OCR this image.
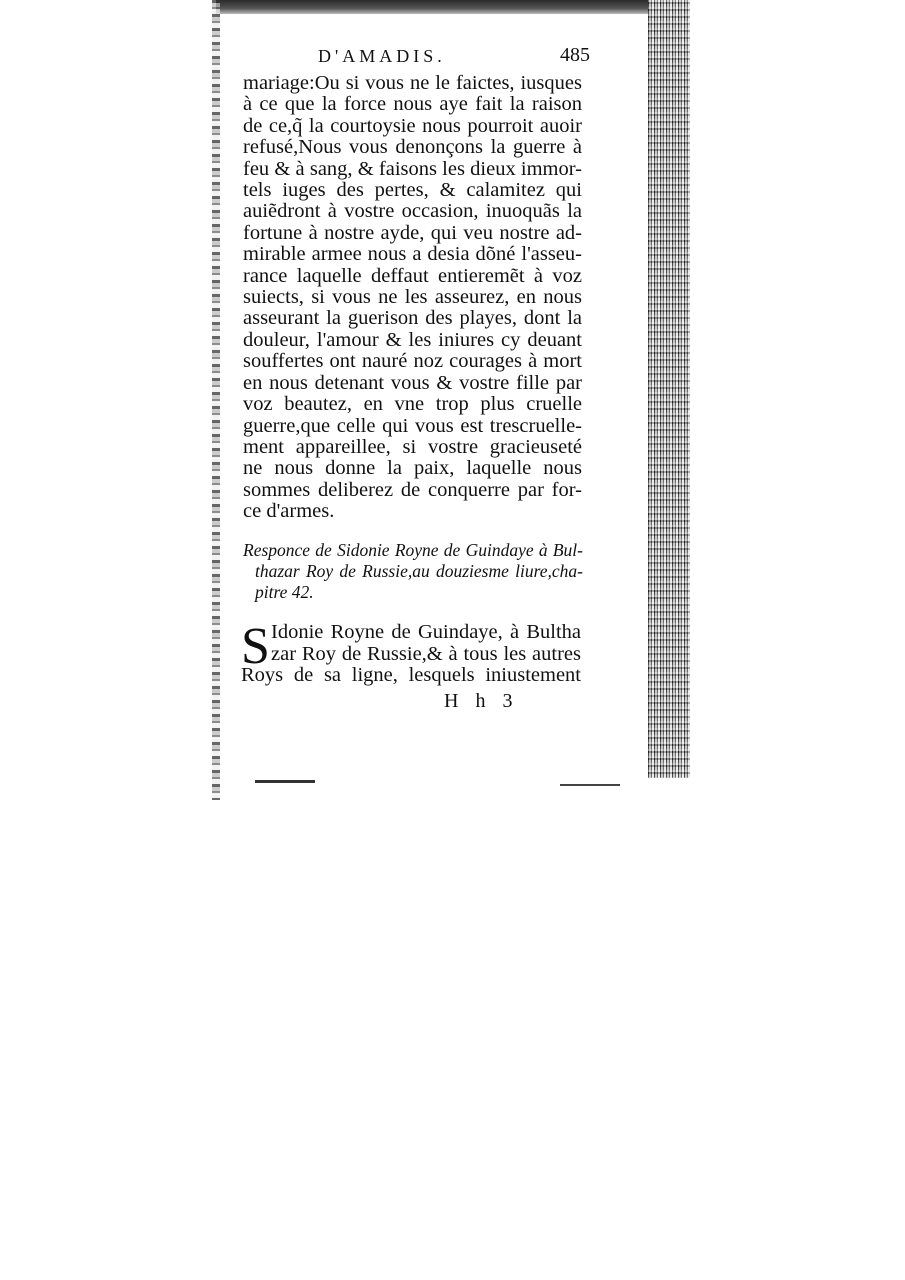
D'AMADIS.	485
mariage:Ou si vous ne le faictes, iusques
à ce que la force nous aye fait la raison
de ce,q̃ la courtoysie nous pourroit auoir
refusé,Nous vous denonçons la guerre à
feu & à sang, & faisons les dieux immor-
tels iuges des pertes, & calamitez qui
auiẽdront à vostre occasion, inuoquãs la
fortune à nostre ayde, qui veu nostre ad-
mirable armee nous a desia dõné l'asseu-
rance laquelle deffaut entieremẽt à voz
suiects, si vous ne les asseurez, en nous
asseurant la guerison des playes, dont la
douleur, l'amour & les iniures cy deuant
souffertes ont nauré noz courages à mort
en nous detenant vous & vostre fille par
voz beautez, en vne trop plus cruelle
guerre,que celle qui vous est trescruelle-
ment appareillee, si vostre gracieuseté
ne nous donne la paix, laquelle nous
sommes deliberez de conquerre par for-
ce d'armes.
Responce de Sidonie Royne de Guindaye à Bul-
thazar Roy de Russie,au douziesme liure,cha-
pitre 42.
S Idonie Royne de Guindaye, à Bultha
zar Roy de Russie,& à tous les autres
Roys de sa ligne, lesquels iniustement
H h 3
